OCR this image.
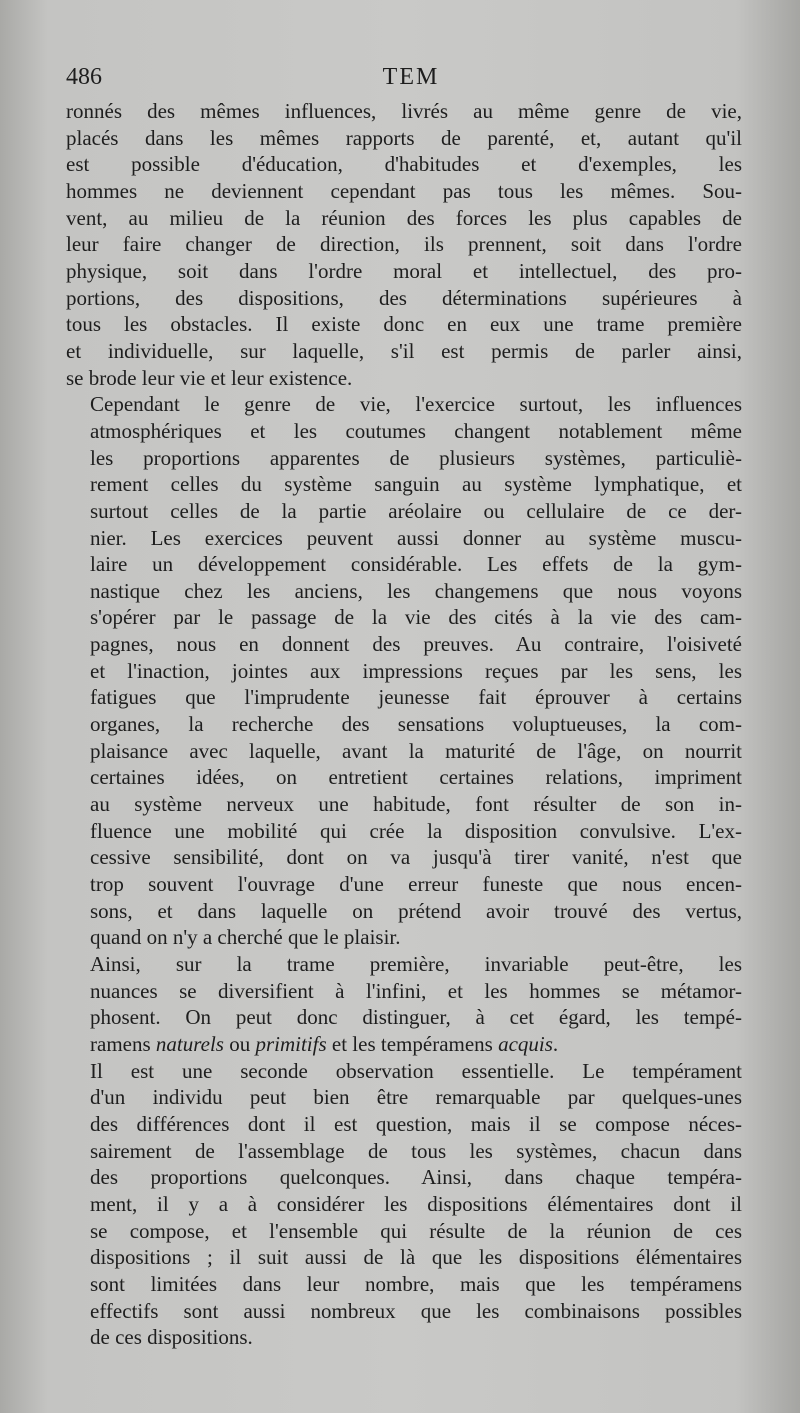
486	TEM
ronnés des mêmes influences, livrés au même genre de vie,
placés dans les mêmes rapports de parenté, et, autant qu'il
est possible d'éducation, d'habitudes et d'exemples, les
hommes ne deviennent cependant pas tous les mêmes. Sou-
vent, au milieu de la réunion des forces les plus capables de
leur faire changer de direction, ils prennent, soit dans l'ordre
physique, soit dans l'ordre moral et intellectuel, des pro-
portions, des dispositions, des déterminations supérieures à
tous les obstacles. Il existe donc en eux une trame première
et individuelle, sur laquelle, s'il est permis de parler ainsi,
se brode leur vie et leur existence.
Cependant le genre de vie, l'exercice surtout, les influences
atmosphériques et les coutumes changent notablement même
les proportions apparentes de plusieurs systèmes, particuliè-
rement celles du système sanguin au système lymphatique, et
surtout celles de la partie aréolaire ou cellulaire de ce der-
nier. Les exercices peuvent aussi donner au système muscu-
laire un développement considérable. Les effets de la gym-
nastique chez les anciens, les changemens que nous voyons
s'opérer par le passage de la vie des cités à la vie des cam-
pagnes, nous en donnent des preuves. Au contraire, l'oisiveté
et l'inaction, jointes aux impressions reçues par les sens, les
fatigues que l'imprudente jeunesse fait éprouver à certains
organes, la recherche des sensations voluptueuses, la com-
plaisance avec laquelle, avant la maturité de l'âge, on nourrit
certaines idées, on entretient certaines relations, impriment
au système nerveux une habitude, font résulter de son in-
fluence une mobilité qui crée la disposition convulsive. L'ex-
cessive sensibilité, dont on va jusqu'à tirer vanité, n'est que
trop souvent l'ouvrage d'une erreur funeste que nous encen-
sons, et dans laquelle on prétend avoir trouvé des vertus,
quand on n'y a cherché que le plaisir.
Ainsi, sur la trame première, invariable peut-être, les
nuances se diversifient à l'infini, et les hommes se métamor-
phosent. On peut donc distinguer, à cet égard, les tempé-
ramens naturels ou primitifs et les tempéramens acquis.
Il est une seconde observation essentielle. Le tempérament
d'un individu peut bien être remarquable par quelques-unes
des différences dont il est question, mais il se compose néces-
sairement de l'assemblage de tous les systèmes, chacun dans
des proportions quelconques. Ainsi, dans chaque tempéra-
ment, il y a à considérer les dispositions élémentaires dont il
se compose, et l'ensemble qui résulte de la réunion de ces
dispositions ; il suit aussi de là que les dispositions élémentaires
sont limitées dans leur nombre, mais que les tempéramens
effectifs sont aussi nombreux que les combinaisons possibles
de ces dispositions.
